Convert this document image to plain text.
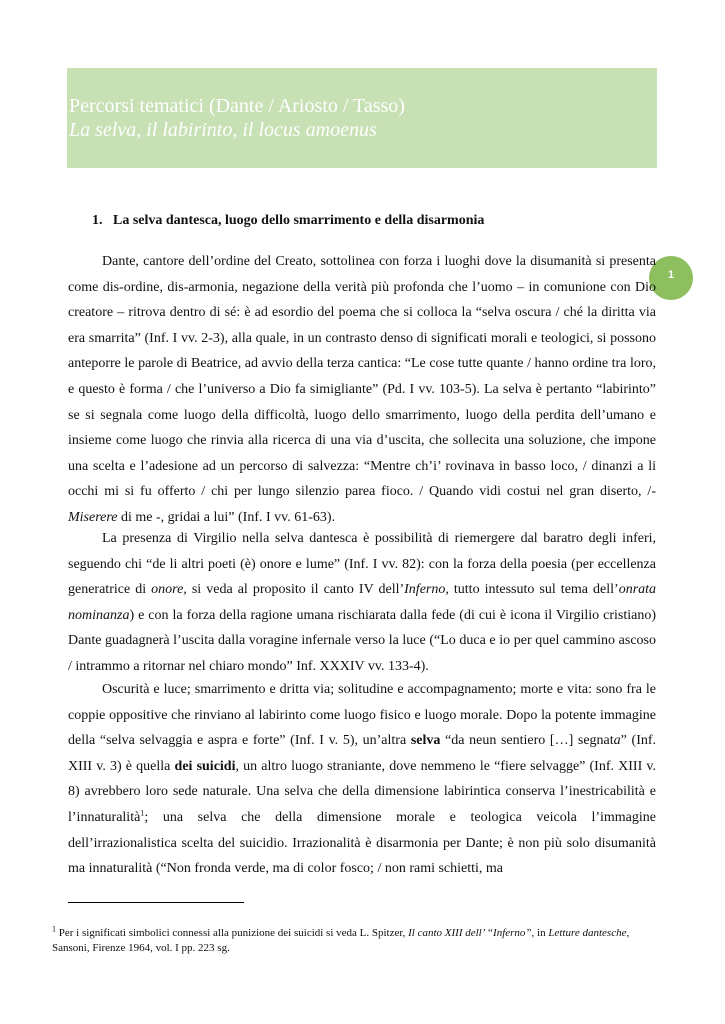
Percorsi tematici (Dante / Ariosto / Tasso)
La selva, il labirinto, il locus amoenus
1
1.   La selva dantesca, luogo dello smarrimento e della disarmonia

Dante, cantore dell’ordine del Creato, sottolinea con forza i luoghi dove la disumanità si presenta come dis-ordine, dis-armonia, negazione della verità più profonda che l’uomo – in comunione con Dio creatore – ritrova dentro di sé: è ad esordio del poema che si colloca la “selva oscura / ché la diritta via era smarrita” (Inf. I vv. 2-3), alla quale, in un contrasto denso di significati morali e teologici, si possono anteporre le parole di Beatrice, ad avvio della terza cantica: “Le cose tutte quante / hanno ordine tra loro, e questo è forma / che l’universo a Dio fa simigliante” (Pd. I vv. 103-5). La selva è pertanto “labirinto” se si segnala come luogo della difficoltà, luogo dello smarrimento, luogo della perdita dell’umano e insieme come luogo che rinvia alla ricerca di una via d’uscita, che sollecita una soluzione, che impone una scelta e l’adesione ad un percorso di salvezza: “Mentre ch’i’ rovinava in basso loco, / dinanzi a li occhi mi si fu offerto / chi per lungo silenzio parea fioco. / Quando vidi costui nel gran diserto, /- Miserere di me -, gridai a lui” (Inf. I vv. 61-63).

La presenza di Virgilio nella selva dantesca è possibilità di riemergere dal baratro degli inferi, seguendo chi “de li altri poeti (è) onore e lume” (Inf. I vv. 82): con la forza della poesia (per eccellenza generatrice di onore, si veda al proposito il canto IV dell’Inferno, tutto intessuto sul tema dell’onrata nominanza) e con la forza della ragione umana rischiarata dalla fede (di cui è icona il Virgilio cristiano) Dante guadagnerà l’uscita dalla voragine infernale verso la luce (“Lo duca e io per quel cammino ascoso / intrammo a ritornar nel chiaro mondo” Inf. XXXIV vv. 133-4).

Oscurità e luce; smarrimento e dritta via; solitudine e accompagnamento; morte e vita: sono fra le coppie oppositive che rinviano al labirinto come luogo fisico e luogo morale. Dopo la potente immagine della “selva selvaggia e aspra e forte” (Inf. I v. 5), un’altra selva “da neun sentiero […] segnata” (Inf. XIII v. 3) è quella dei suicidi, un altro luogo straniante, dove nemmeno le “fiere selvagge” (Inf. XIII v. 8) avrebbero loro sede naturale. Una selva che della dimensione labirintica conserva l’inestricabilità e l’innaturalità$^1$; una selva che della dimensione morale e teologica veicola l’immagine dell’irrazionalistica scelta del suicidio. Irrazionalità è disarmonia per Dante; è non più solo disumanità ma innaturalità (“Non fronda verde, ma di color fosco; / non rami schietti, ma

$^1$ Per i significati simbolici connessi alla punizione dei suicidi si veda L. Spitzer, Il canto XIII dell’ “Inferno”, in Letture dantesche, Sansoni, Firenze 1964, vol. I pp. 223 sg.
